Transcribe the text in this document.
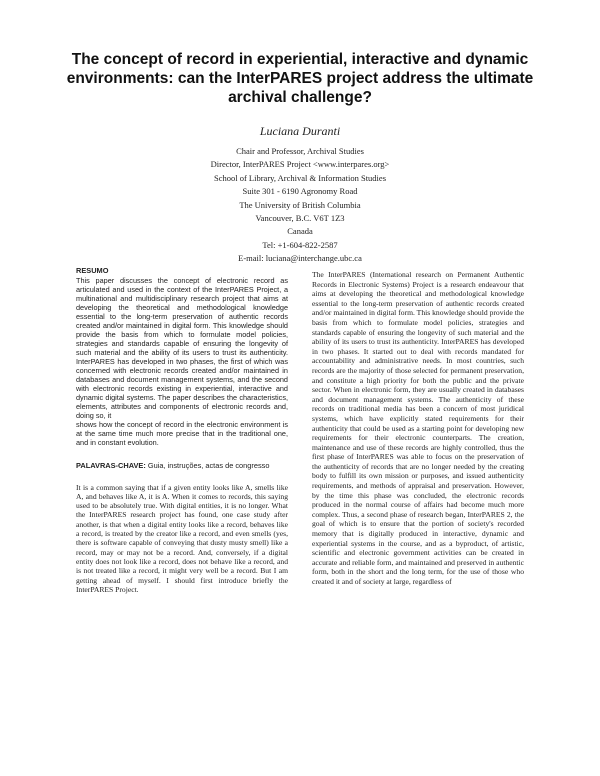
The concept of record in experiential, interactive and dynamic environments: can the InterPARES project address the ultimate archival challenge?
Luciana Duranti
Chair and Professor, Archival Studies
Director, InterPARES Project <www.interpares.org>
School of Library, Archival & Information Studies
Suite 301 - 6190 Agronomy Road
The University of British Columbia
Vancouver, B.C. V6T 1Z3
Canada
Tel: +1-604-822-2587
E-mail: luciana@interchange.ubc.ca
RESUMO

This paper discusses the concept of electronic record as articulated and used in the context of the InterPARES Project, a multinational and multidisciplinary research project that aims at developing the theoretical and methodological knowledge essential to the long-term preservation of authentic records created and/or maintained in digital form. This knowledge should provide the basis from which to formulate model policies, strategies and standards capable of ensuring the longevity of such material and the ability of its users to trust its authenticity. InterPARES has developed in two phases, the first of which was concerned with electronic records created and/or maintained in databases and document management systems, and the second with electronic records existing in experiential, interactive and dynamic digital systems. The paper describes the characteristics, elements, attributes and components of electronic records and, doing so, it

shows how the concept of record in the electronic environment is at the same time much more precise that in the traditional one, and in constant evolution.

PALAVRAS-CHAVE: Guia, instruções, actas de congresso

It is a common saying that if a given entity looks like A, smells like A, and behaves like A, it is A. When it comes to records, this saying used to be absolutely true. With digital entities, it is no longer. What the InterPARES research project has found, one case study after another, is that when a digital entity looks like a record, behaves like a record, is treated by the creator like a record, and even smells (yes, there is software capable of conveying that dusty musty smell) like a record, may or may not be a record. And, conversely, if a digital entity does not look like a record, does not behave like a record, and is not treated like a record, it might very well be a record. But I am getting ahead of myself. I should first introduce briefly the InterPARES Project.

The InterPARES (International research on Permanent Authentic Records in Electronic Systems) Project is a research endeavour that aims at developing the theoretical and methodological knowledge essential to the long-term preservation of authentic records created and/or maintained in digital form. This knowledge should provide the basis from which to formulate model policies, strategies and standards capable of ensuring the longevity of such material and the ability of its users to trust its authenticity. InterPARES has developed in two phases. It started out to deal with records mandated for accountability and administrative needs. In most countries, such records are the majority of those selected for permanent preservation, and constitute a high priority for both the public and the private sector. When in electronic form, they are usually created in databases and document management systems. The authenticity of these records on traditional media has been a concern of most juridical systems, which have explicitly stated requirements for their authenticity that could be used as a starting point for developing new requirements for their electronic counterparts. The creation, maintenance and use of these records are highly controlled, thus the first phase of InterPARES was able to focus on the preservation of the authenticity of records that are no longer needed by the creating body to fulfill its own mission or purposes, and issued authenticity requirements, and methods of appraisal and preservation. However, by the time this phase was concluded, the electronic records produced in the normal course of affairs had become much more complex. Thus, a second phase of research began, InterPARES 2, the goal of which is to ensure that the portion of society's recorded memory that is digitally produced in interactive, dynamic and experiential systems in the course, and as a byproduct, of artistic, scientific and electronic government activities can be created in accurate and reliable form, and maintained and preserved in authentic form, both in the short and the long term, for the use of those who created it and of society at large, regardless of
